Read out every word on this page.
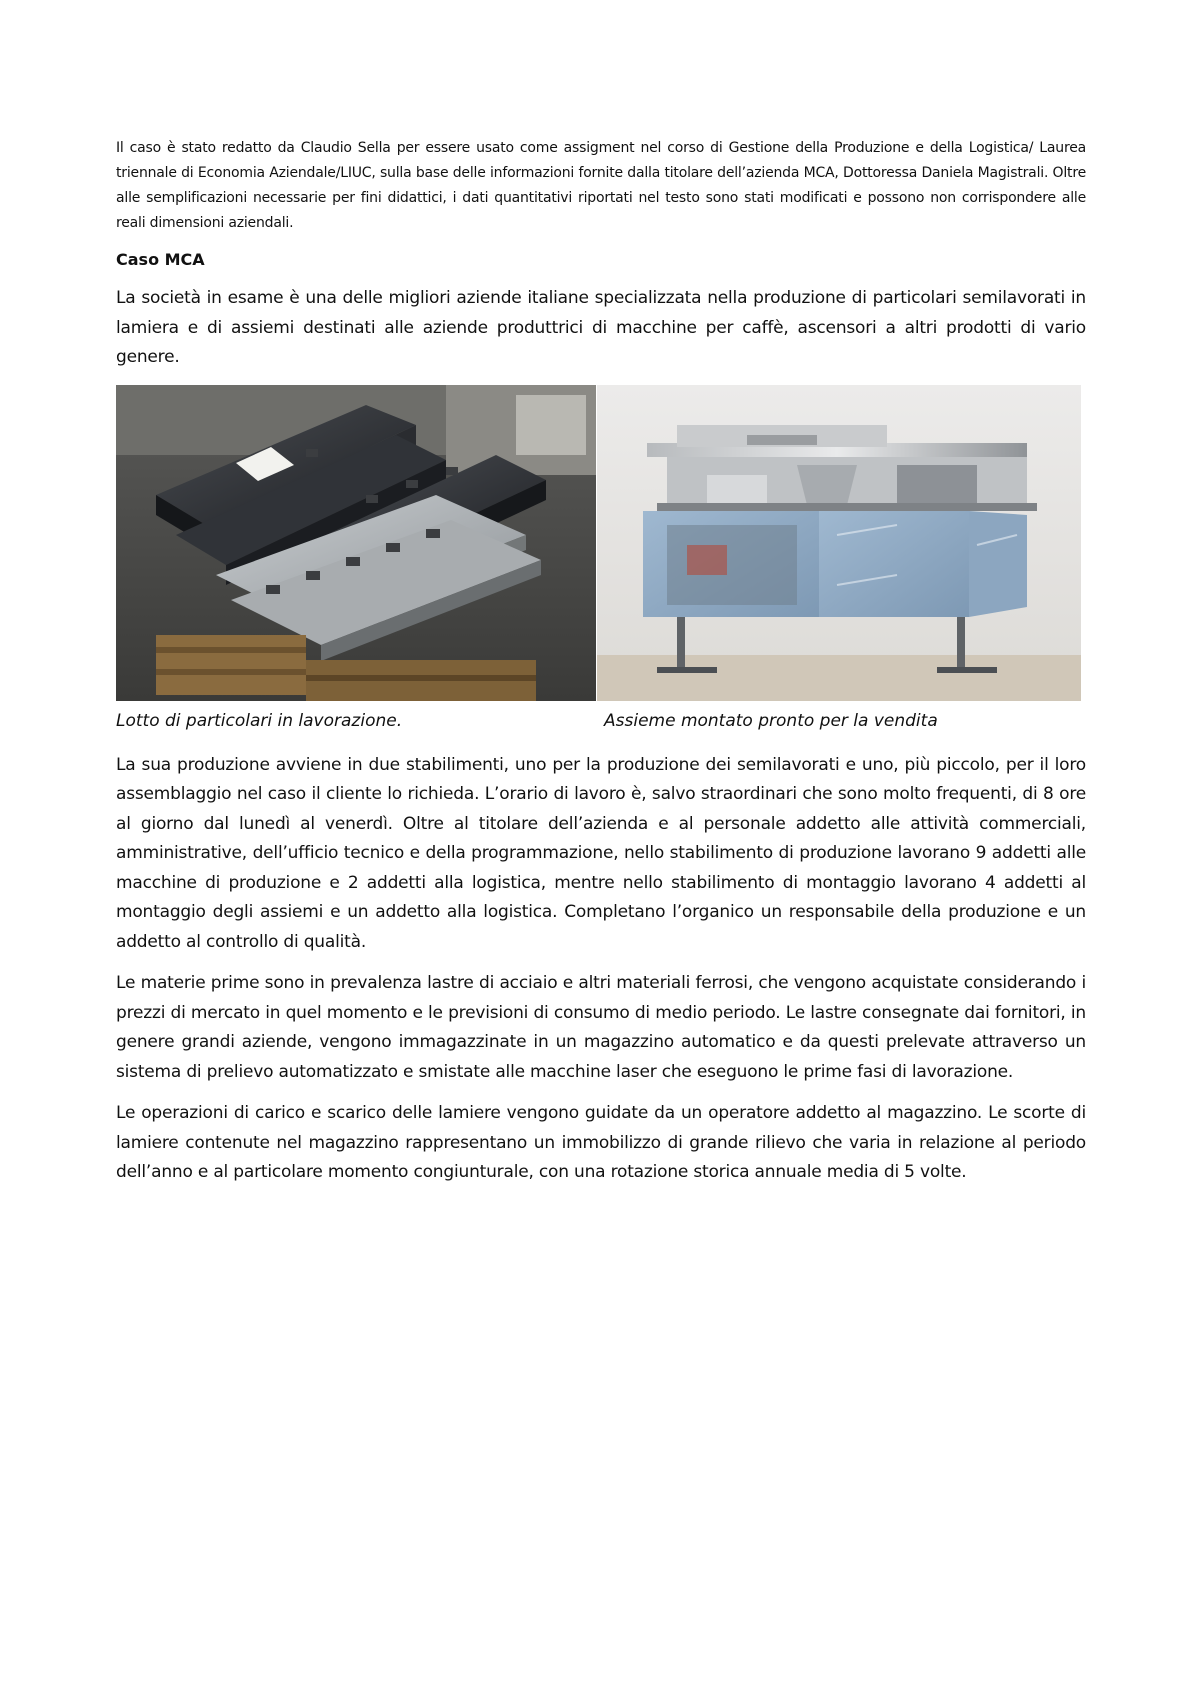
Il caso è stato redatto da Claudio Sella per essere usato come assigment nel corso di Gestione della Produzione e della Logistica/ Laurea triennale di Economia Aziendale/LIUC, sulla base delle informazioni fornite dalla titolare dell’azienda MCA, Dottoressa Daniela Magistrali. Oltre alle semplificazioni necessarie per fini didattici, i dati quantitativi riportati nel testo sono stati modificati e possono non corrispondere alle reali dimensioni aziendali.

Caso MCA

La società in esame è una delle migliori aziende italiane specializzata nella produzione di particolari semilavorati in lamiera e di assiemi destinati alle aziende produttrici di macchine per caffè, ascensori a altri prodotti di vario genere.

Lotto di particolari in lavorazione.	Assieme montato pronto per la vendita

La sua produzione avviene in due stabilimenti, uno per la produzione dei semilavorati e uno, più piccolo, per il loro assemblaggio nel caso il cliente lo richieda. L’orario di lavoro è, salvo straordinari che sono molto frequenti, di 8 ore al giorno dal lunedì al venerdì. Oltre al titolare dell’azienda e al personale addetto alle attività commerciali, amministrative, dell’ufficio tecnico e della programmazione, nello stabilimento di produzione lavorano 9 addetti alle macchine di produzione e 2 addetti alla logistica, mentre nello stabilimento di montaggio lavorano 4 addetti al montaggio degli assiemi e un addetto alla logistica. Completano l’organico un responsabile della produzione e un addetto al controllo di qualità.

Le materie prime sono in prevalenza lastre di acciaio e altri materiali ferrosi, che vengono acquistate considerando i prezzi di mercato in quel momento e le previsioni di consumo di medio periodo. Le lastre consegnate dai fornitori, in genere grandi aziende, vengono immagazzinate in un magazzino automatico e da questi prelevate attraverso un sistema di prelievo automatizzato e smistate alle macchine laser che eseguono le prime fasi di lavorazione.

Le operazioni di carico e scarico delle lamiere vengono guidate da un operatore addetto al magazzino. Le scorte di lamiere contenute nel magazzino rappresentano un immobilizzo di grande rilievo che varia in relazione al periodo dell’anno e al particolare momento congiunturale, con una rotazione storica annuale media di 5 volte.
